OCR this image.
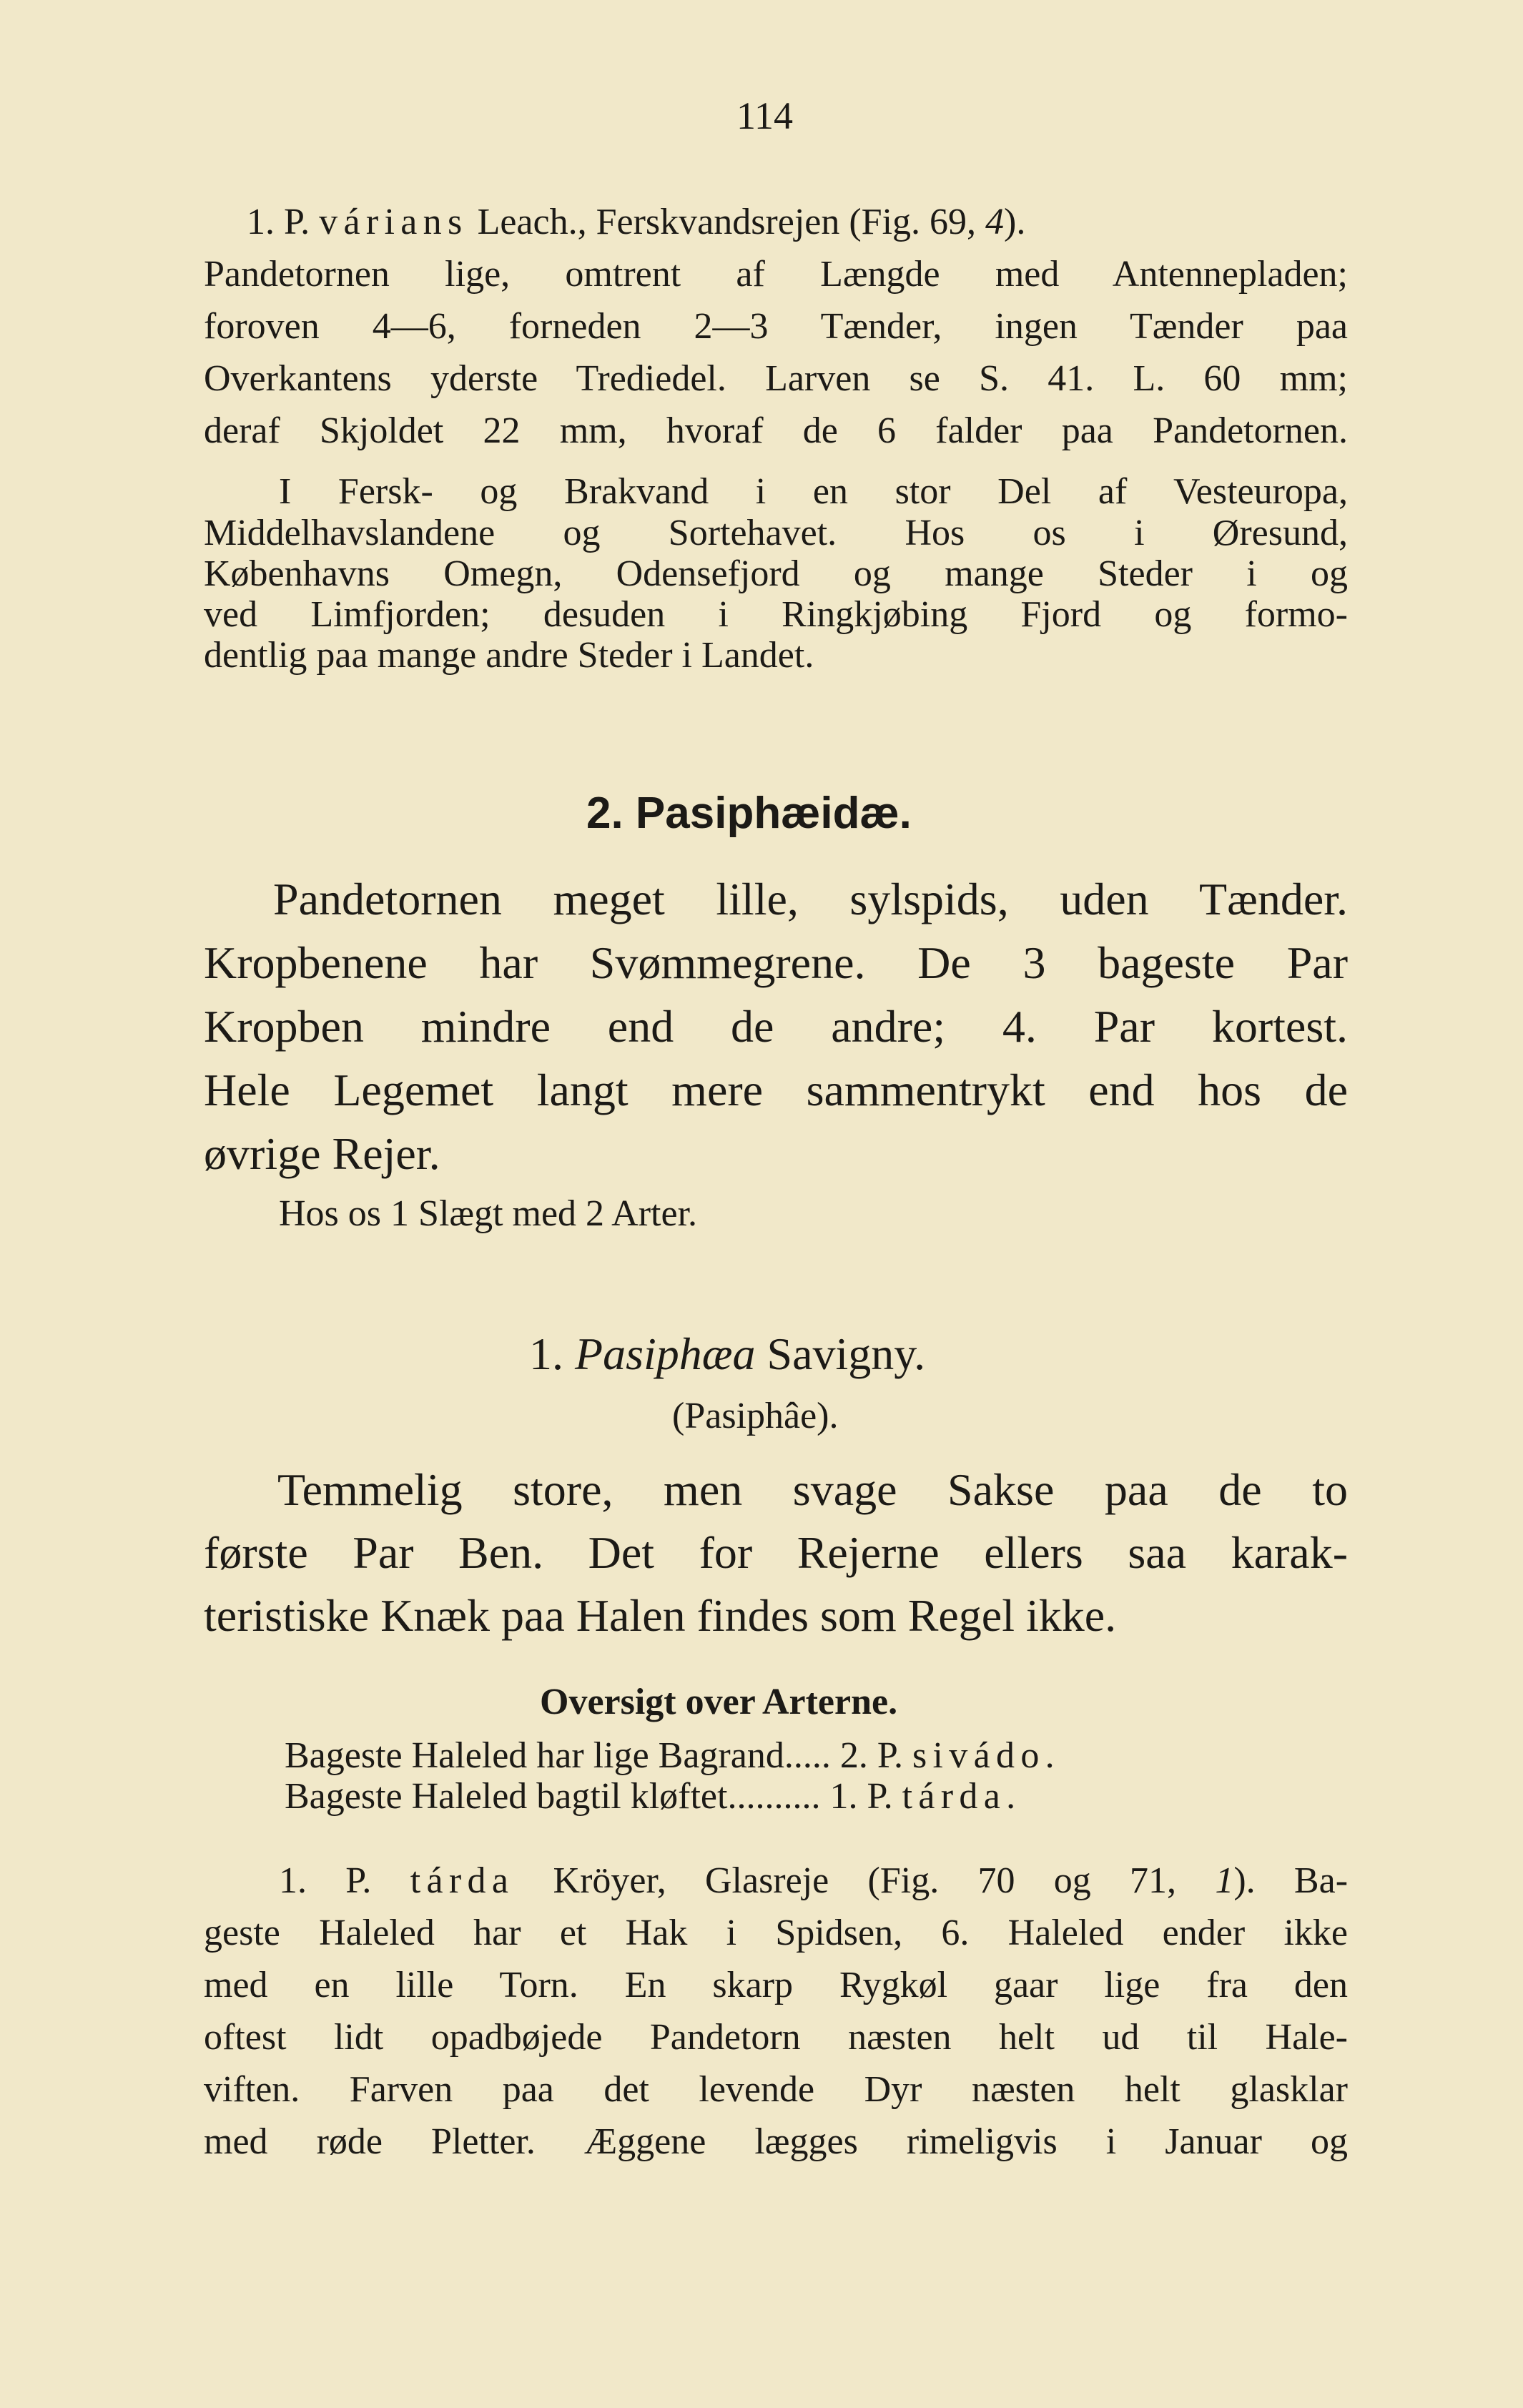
114
1. P. várians Leach., Ferskvandsrejen (Fig. 69, 4).
Pandetornen lige, omtrent af Længde med Antennepladen;
foroven 4—6, forneden 2—3 Tænder, ingen Tænder paa
Overkantens yderste Trediedel. Larven se S. 41. L. 60 mm;
deraf Skjoldet 22 mm, hvoraf de 6 falder paa Pandetornen.
I Fersk- og Brakvand i en stor Del af Vesteuropa,
Middelhavslandene og Sortehavet. Hos os i Øresund,
Københavns Omegn, Odensefjord og mange Steder i og
ved Limfjorden; desuden i Ringkjøbing Fjord og formo-
dentlig paa mange andre Steder i Landet.
2. Pasiphæidæ.
Pandetornen meget lille, sylspids, uden Tænder.
Kropbenene har Svømmegrene. De 3 bageste Par
Kropben mindre end de andre; 4. Par kortest.
Hele Legemet langt mere sammentrykt end hos de
øvrige Rejer.
Hos os 1 Slægt med 2 Arter.
1. Pasiphæa Savigny.
(Pasiphâe).
Temmelig store, men svage Sakse paa de to
første Par Ben. Det for Rejerne ellers saa karak-
teristiske Knæk paa Halen findes som Regel ikke.
Oversigt over Arterne.
Bageste Haleled har lige Bagrand..... 2. P. sivádo.
Bageste Haleled bagtil kløftet.......... 1. P. tárda.
1. P. tárda Kröyer, Glasreje (Fig. 70 og 71, 1). Ba-
geste Haleled har et Hak i Spidsen, 6. Haleled ender ikke
med en lille Torn. En skarp Rygkøl gaar lige fra den
oftest lidt opadbøjede Pandetorn næsten helt ud til Hale-
viften. Farven paa det levende Dyr næsten helt glasklar
med røde Pletter. Æggene lægges rimeligvis i Januar og
